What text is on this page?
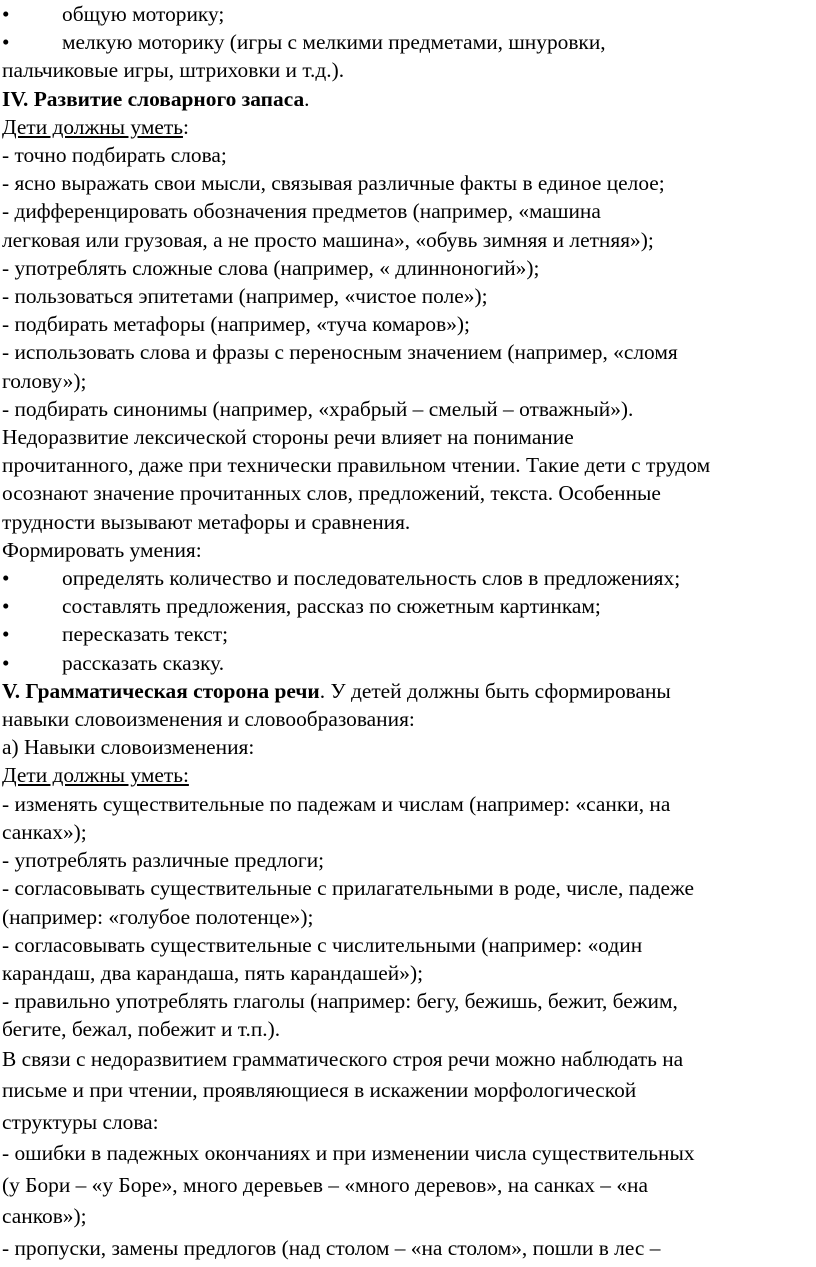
• общую моторику;
• мелкую моторику (игры с мелкими предметами, шнуровки,
пальчиковые игры, штриховки и т.д.).
IV. Развитие словарного запаса.
Дети должны уметь:
- точно подбирать слова;
- ясно выражать свои мысли, связывая различные факты в единое целое;
- дифференцировать обозначения предметов (например, «машина
легковая или грузовая, а не просто машина», «обувь зимняя и летняя»);
- употреблять сложные слова (например, « длинноногий»);
- пользоваться эпитетами (например, «чистое поле»);
- подбирать метафоры (например, «туча комаров»);
- использовать слова и фразы с переносным значением (например, «сломя
голову»);
- подбирать синонимы (например, «храбрый – смелый – отважный»).
Недоразвитие лексической стороны речи влияет на понимание
прочитанного, даже при технически правильном чтении. Такие дети с трудом
осознают значение прочитанных слов, предложений, текста. Особенные
трудности вызывают метафоры и сравнения.
Формировать умения:
• определять количество и последовательность слов в предложениях;
• составлять предложения, рассказ по сюжетным картинкам;
• пересказать текст;
• рассказать сказку.
V. Грамматическая сторона речи. У детей должны быть сформированы
навыки словоизменения и словообразования:
а) Навыки словоизменения:
Дети должны уметь:
- изменять существительные по падежам и числам (например: «санки, на
санках»);
- употреблять различные предлоги;
- согласовывать существительные с прилагательными в роде, числе, падеже
(например: «голубое полотенце»);
- согласовывать существительные с числительными (например: «один
карандаш, два карандаша, пять карандашей»);
- правильно употреблять глаголы (например: бегу, бежишь, бежит, бежим,
бегите, бежал, побежит и т.п.).
В связи с недоразвитием грамматического строя речи можно наблюдать на
письме и при чтении, проявляющиеся в искажении морфологической
структуры слова:
- ошибки в падежных окончаниях и при изменении числа существительных
(у Бори – «у Боре», много деревьев – «много деревов», на санках – «на
санков»);
- пропуски, замены предлогов (над столом – «на столом», пошли в лес –
